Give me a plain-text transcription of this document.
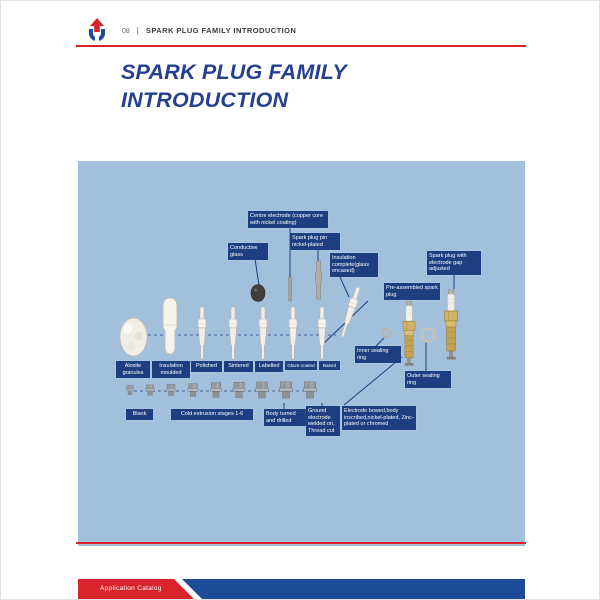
08 | SPARK PLUG FAMILY INTRODUCTION
SPARK PLUG FAMILY
INTRODUCTION
Centre electrode (copper core with nickel coating)
Spark plug pin nickel-plated
Conductive glass
Insulation complete(glass encased)
Spark plug with electrode gap adjusted
Pre-assembled spark plug
Inner sealing ring
Outer sealing ring
Aloxite granules
Insulation moulded
Polished	Sintered	Labelled	Glaze-coated	Baked
Blank	Cold extrusion stages 1-6	Body turned and drilled
Ground electrode welded on, Thread cut
Electrode bowed,body inscribed,nickel-plated, Zinc-plated or chromed
Application Catalog
